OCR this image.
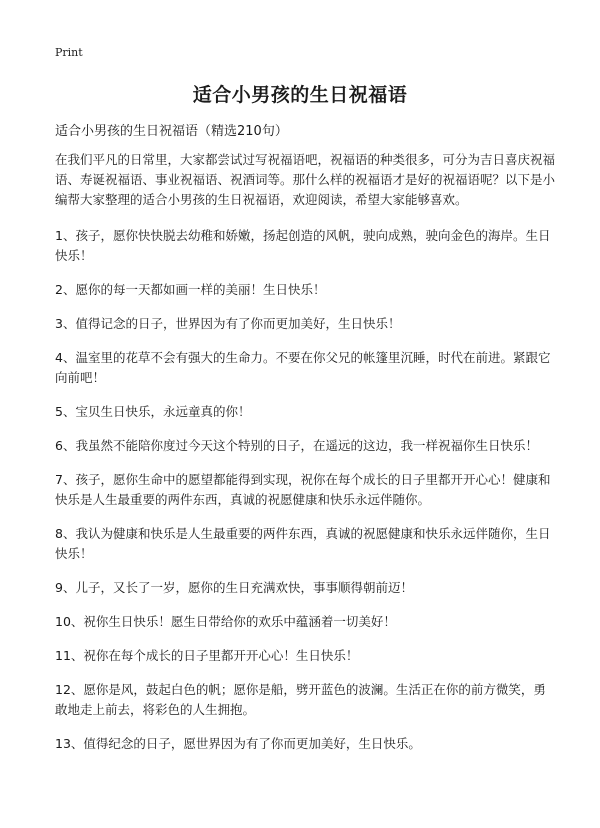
Print
适合小男孩的生日祝福语

适合小男孩的生日祝福语（精选210句）

在我们平凡的日常里，大家都尝试过写祝福语吧，祝福语的种类很多，可分为吉日喜庆祝福语、寿诞祝福语、事业祝福语、祝酒词等。那什么样的祝福语才是好的祝福语呢？以下是小编帮大家整理的适合小男孩的生日祝福语，欢迎阅读，希望大家能够喜欢。

1、孩子，愿你快快脱去幼稚和娇嫩，扬起创造的风帆，驶向成熟，驶向金色的海岸。生日快乐！

2、愿你的每一天都如画一样的美丽！生日快乐！

3、值得记念的日子，世界因为有了你而更加美好，生日快乐！

4、温室里的花草不会有强大的生命力。不要在你父兄的帐篷里沉睡，时代在前进。紧跟它向前吧！

5、宝贝生日快乐，永远童真的你！

6、我虽然不能陪你度过今天这个特别的日子，在遥远的这边，我一样祝福你生日快乐！

7、孩子，愿你生命中的愿望都能得到实现，祝你在每个成长的日子里都开开心心！健康和快乐是人生最重要的两件东西，真诚的祝愿健康和快乐永远伴随你。

8、我认为健康和快乐是人生最重要的两件东西，真诚的祝愿健康和快乐永远伴随你，生日快乐！

9、儿子，又长了一岁，愿你的生日充满欢快，事事顺得朝前迈！

10、祝你生日快乐！愿生日带给你的欢乐中蕴涵着一切美好！

11、祝你在每个成长的日子里都开开心心！生日快乐！

12、愿你是风，鼓起白色的帆；愿你是船，劈开蓝色的波澜。生活正在你的前方微笑，勇敢地走上前去，将彩色的人生拥抱。

13、值得纪念的日子，愿世界因为有了你而更加美好，生日快乐。
